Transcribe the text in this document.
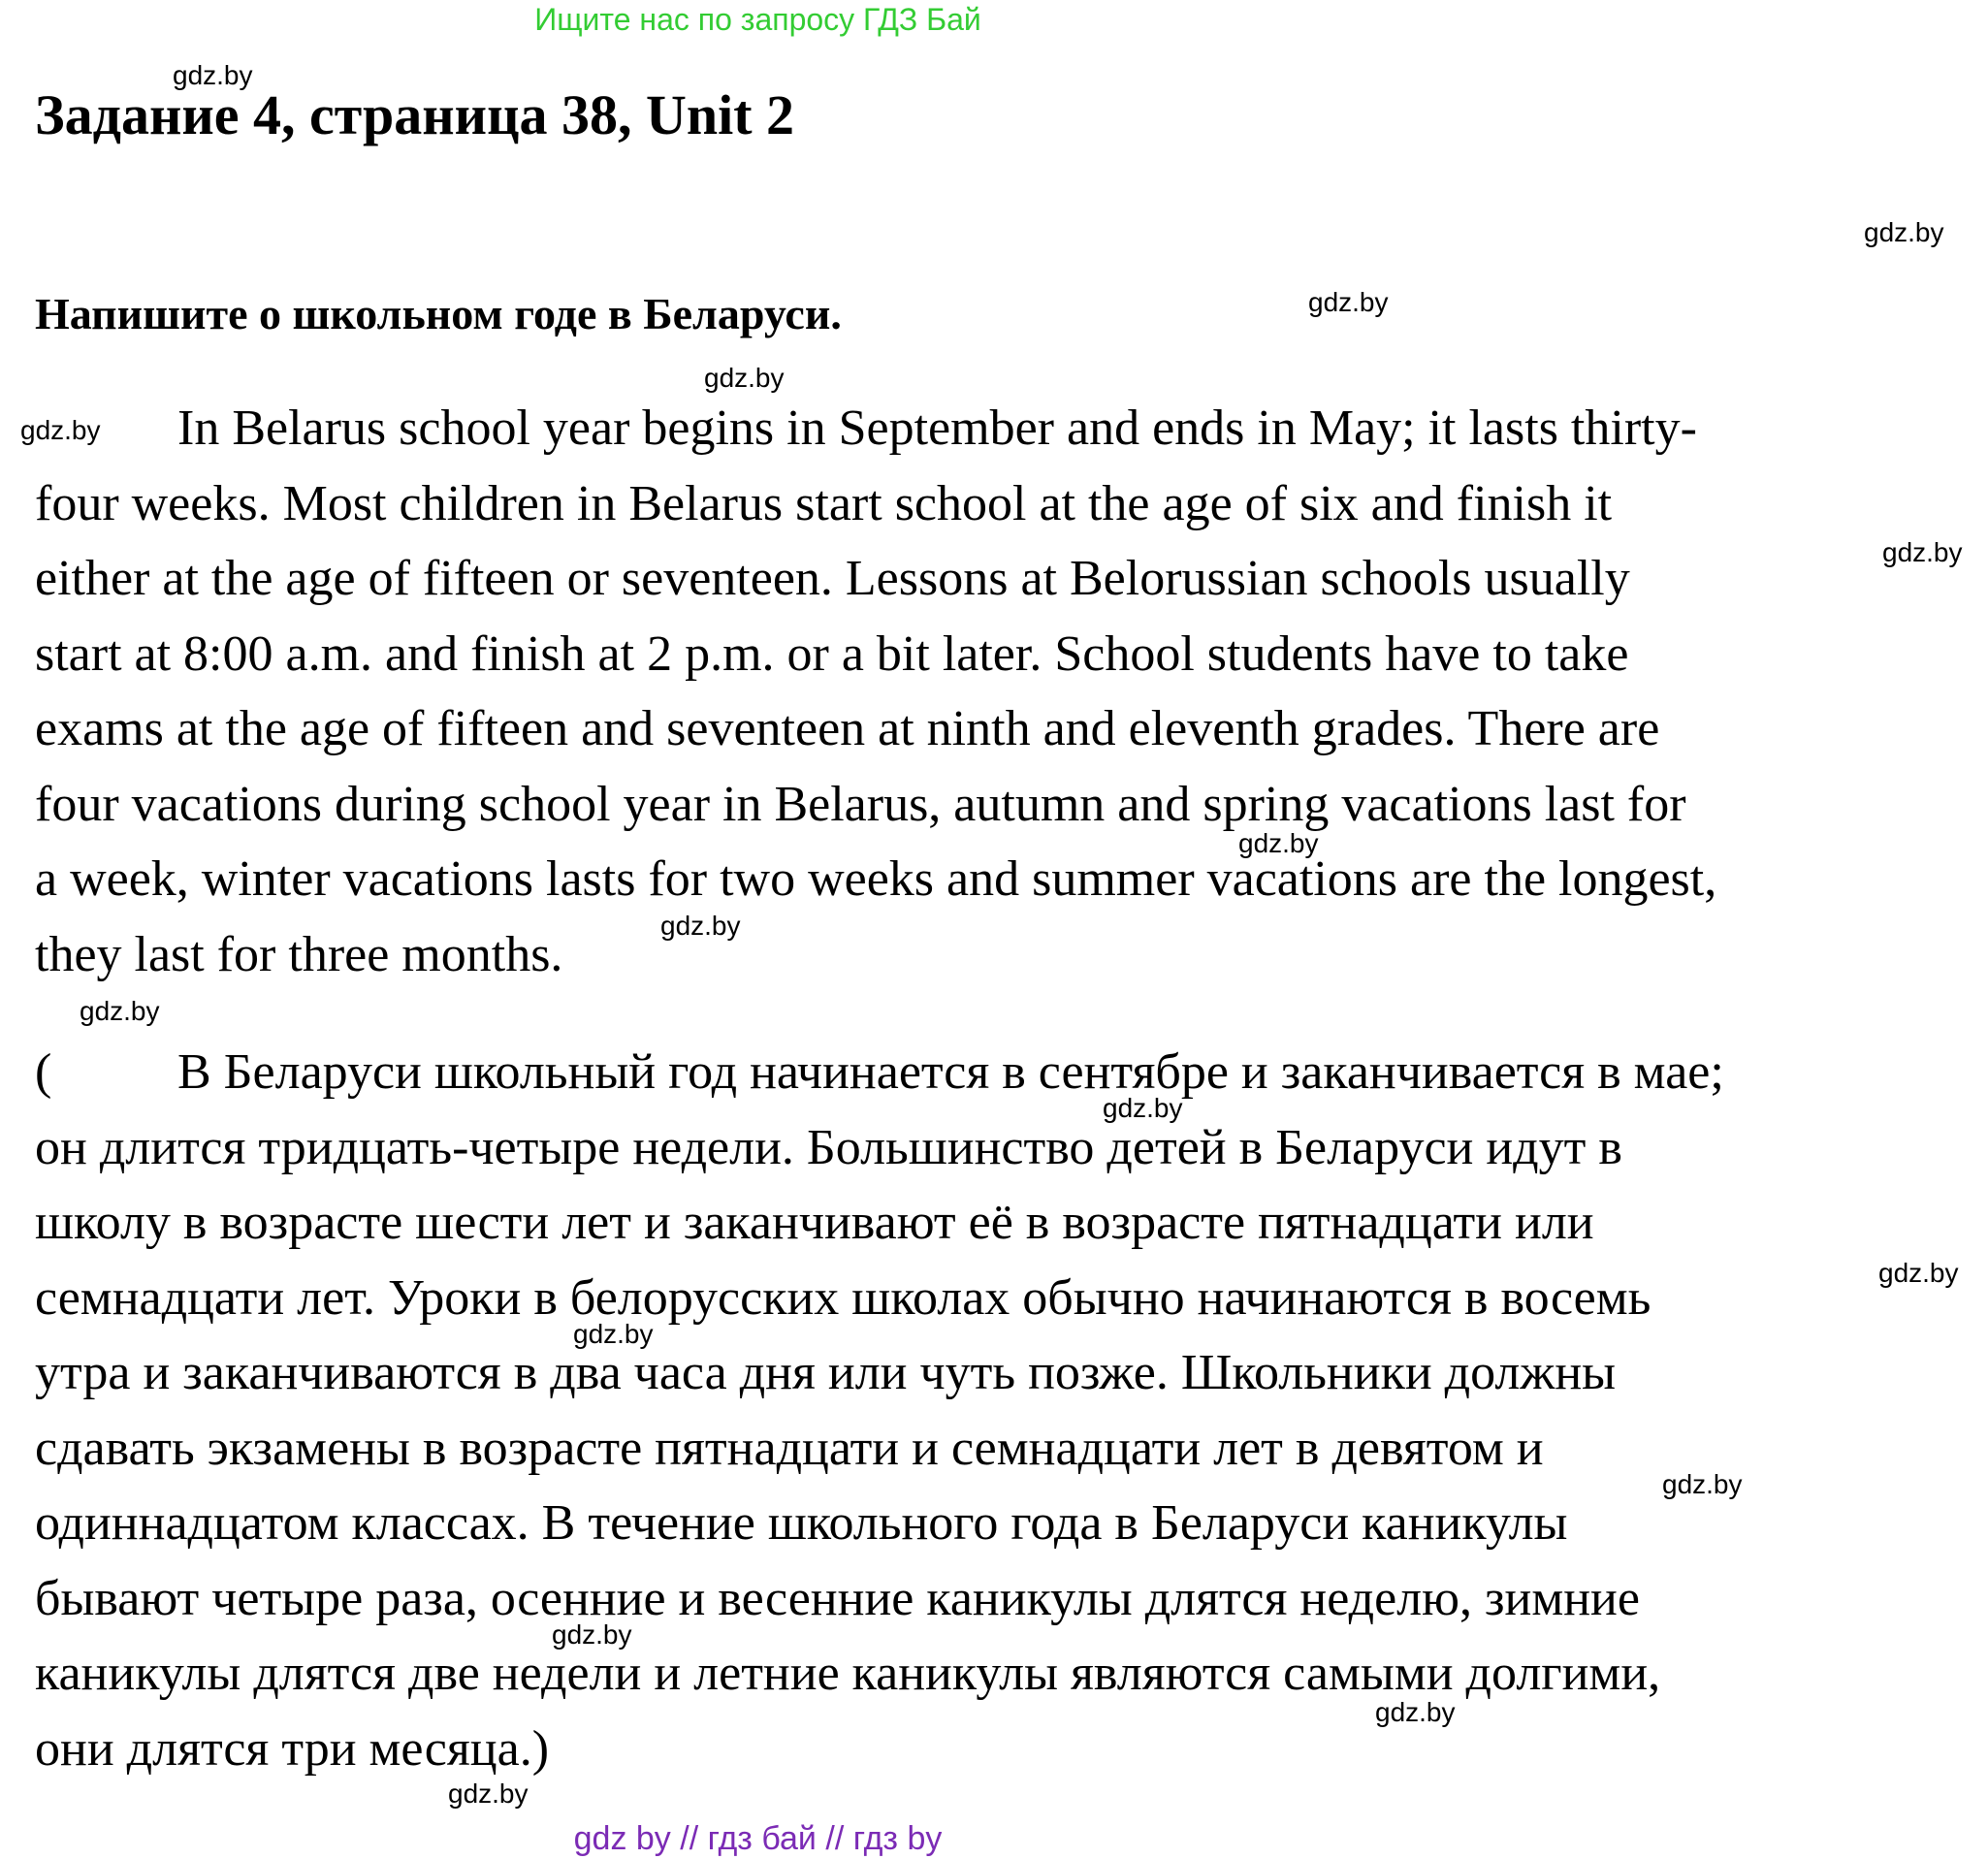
Ищите нас по запросу ГДЗ Бай
gdz.by
Задание 4, страница 38, Unit 2
gdz.by
gdz.by
Напишите о школьном годе в Беларуси.
gdz.by
gdz.by	In Belarus school year begins in September and ends in May; it lasts thirty-
four weeks. Most children in Belarus start school at the age of six and finish it
either at the age of fifteen or seventeen. Lessons at Belorussian schools usually
start at 8:00 a.m. and finish at 2 p.m. or a bit later. School students have to take
exams at the age of fifteen and seventeen at ninth and eleventh grades. There are
four vacations during school year in Belarus, autumn and spring vacations last for
a week, winter vacations lasts for two weeks and summer vacations are the longest,
they last for three months.
gdz.by
gdz.by
gdz.by
gdz.by
( В Беларуси школьный год начинается в сентябре и заканчивается в мае;
он длится тридцать-четыре недели. Большинство детей в Беларуси идут в
школу в возрасте шести лет и заканчивают её в возрасте пятнадцати или
семнадцати лет. Уроки в белорусских школах обычно начинаются в восемь
утра и заканчиваются в два часа дня или чуть позже. Школьники должны
сдавать экзамены в возрасте пятнадцати и семнадцати лет в девятом и
одиннадцатом классах. В течение школьного года в Беларуси каникулы
бывают четыре раза, осенние и весенние каникулы длятся неделю, зимние
каникулы длятся две недели и летние каникулы являются самыми долгими,
они длятся три месяца.)
gdz.by
gdz.by
gdz.by
gdz.by
gdz.by
gdz.by
gdz.by
gdz by // гдз бай // гдз by
